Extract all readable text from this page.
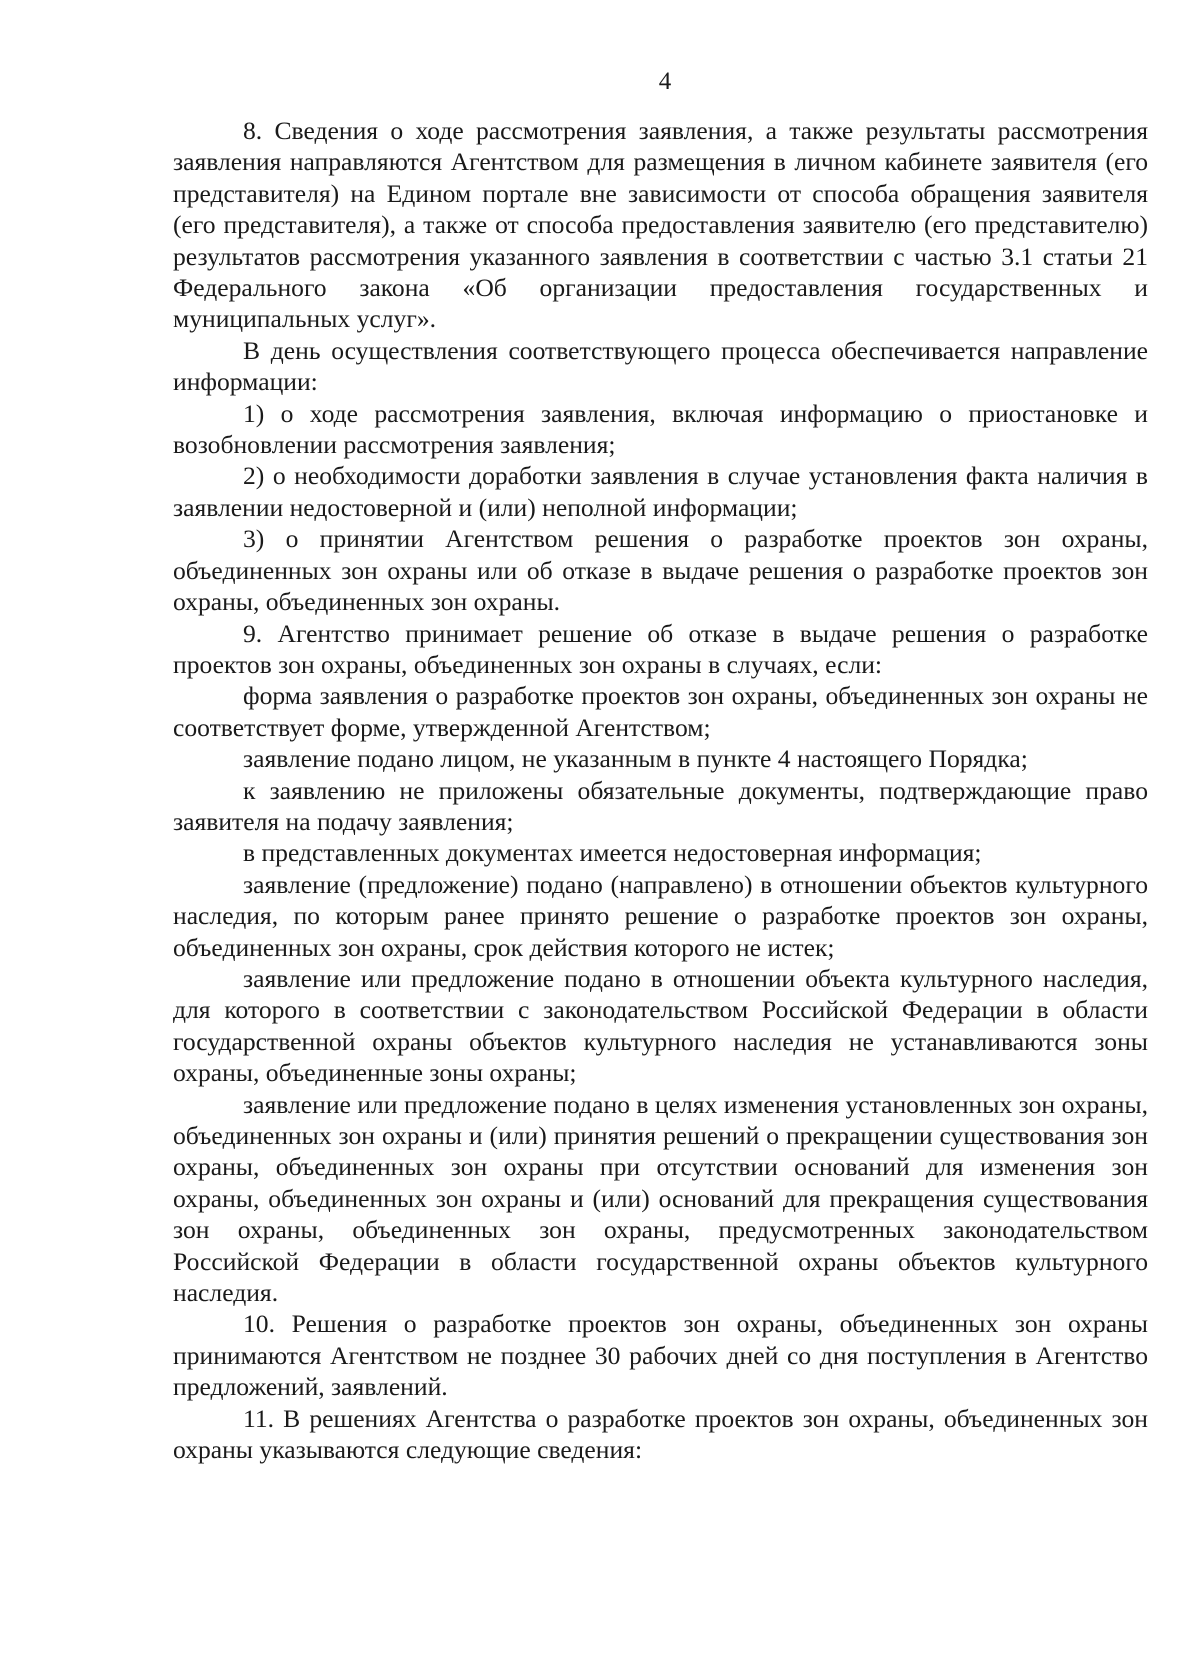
4

8. Сведения о ходе рассмотрения заявления, а также результаты рассмотрения заявления направляются Агентством для размещения в личном кабинете заявителя (его представителя) на Едином портале вне зависимости от способа обращения заявителя (его представителя), а также от способа предоставления заявителю (его представителю) результатов рассмотрения указанного заявления в соответствии с частью 3.1 статьи 21 Федерального закона «Об организации предоставления государственных и муниципальных услуг».

В день осуществления соответствующего процесса обеспечивается направление информации:

1) о ходе рассмотрения заявления, включая информацию о приостановке и возобновлении рассмотрения заявления;

2) о необходимости доработки заявления в случае установления факта наличия в заявлении недостоверной и (или) неполной информации;

3) о принятии Агентством решения о разработке проектов зон охраны, объединенных зон охраны или об отказе в выдаче решения о разработке проектов зон охраны, объединенных зон охраны.

9. Агентство принимает решение об отказе в выдаче решения о разработке проектов зон охраны, объединенных зон охраны в случаях, если:

форма заявления о разработке проектов зон охраны, объединенных зон охраны не соответствует форме, утвержденной Агентством;

заявление подано лицом, не указанным в пункте 4 настоящего Порядка;

к заявлению не приложены обязательные документы, подтверждающие право заявителя на подачу заявления;

в представленных документах имеется недостоверная информация;

заявление (предложение) подано (направлено) в отношении объектов культурного наследия, по которым ранее принято решение о разработке проектов зон охраны, объединенных зон охраны, срок действия которого не истек;

заявление или предложение подано в отношении объекта культурного наследия, для которого в соответствии с законодательством Российской Федерации в области государственной охраны объектов культурного наследия не устанавливаются зоны охраны, объединенные зоны охраны;

заявление или предложение подано в целях изменения установленных зон охраны, объединенных зон охраны и (или) принятия решений о прекращении существования зон охраны, объединенных зон охраны при отсутствии оснований для изменения зон охраны, объединенных зон охраны и (или) оснований для прекращения существования зон охраны, объединенных зон охраны, предусмотренных законодательством Российской Федерации в области государственной охраны объектов культурного наследия.

10. Решения о разработке проектов зон охраны, объединенных зон охраны принимаются Агентством не позднее 30 рабочих дней со дня поступления в Агентство предложений, заявлений.

11. В решениях Агентства о разработке проектов зон охраны, объединенных зон охраны указываются следующие сведения:
